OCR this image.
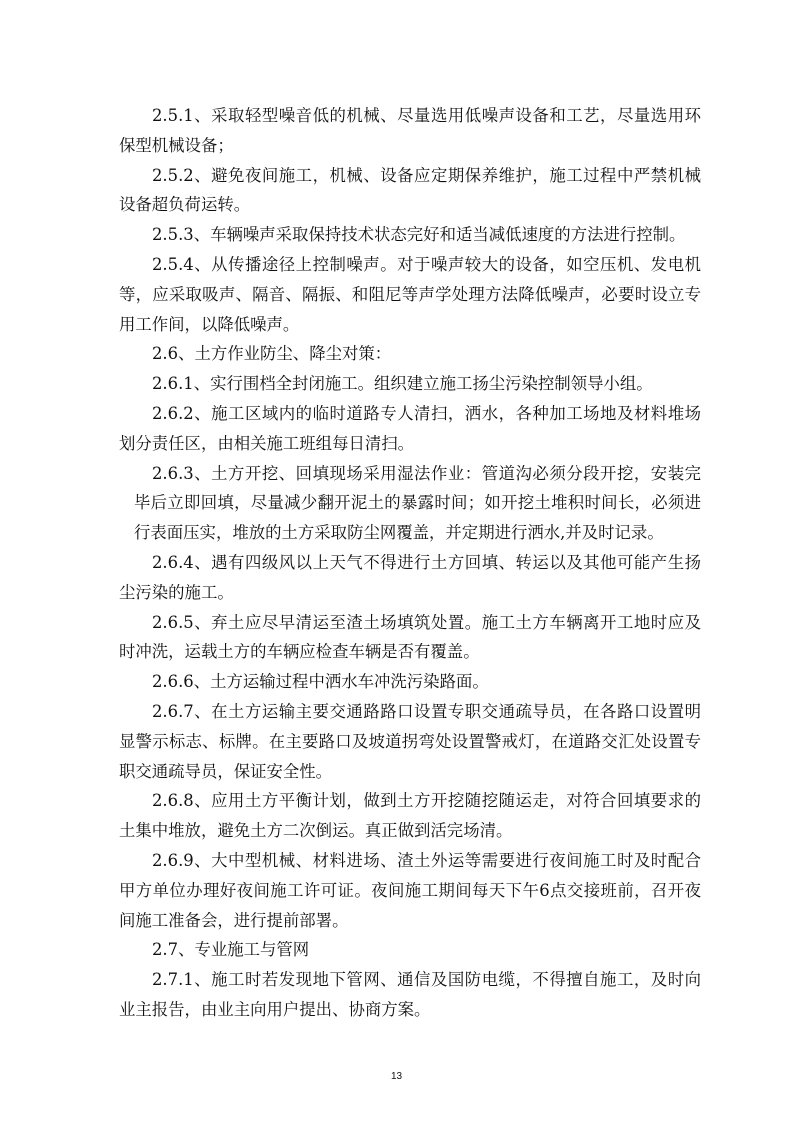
2.5.1、采取轻型噪音低的机械、尽量选用低噪声设备和工艺，尽量选用环
保型机械设备；
2.5.2、避免夜间施工，机械、设备应定期保养维护，施工过程中严禁机械
设备超负荷运转。
2.5.3、车辆噪声采取保持技术状态完好和适当减低速度的方法进行控制。
2.5.4、从传播途径上控制噪声。对于噪声较大的设备，如空压机、发电机
等，应采取吸声、隔音、隔振、和阻尼等声学处理方法降低噪声，必要时设立专
用工作间，以降低噪声。
2.6、土方作业防尘、降尘对策：
2.6.1、实行围档全封闭施工。组织建立施工扬尘污染控制领导小组。
2.6.2、施工区域内的临时道路专人清扫，洒水，各种加工场地及材料堆场
划分责任区，由相关施工班组每日清扫。
2.6.3、土方开挖、回填现场采用湿法作业：管道沟必须分段开挖，安装完
毕后立即回填，尽量减少翻开泥土的暴露时间；如开挖土堆积时间长，必须进
行表面压实，堆放的土方采取防尘网覆盖，并定期进行洒水,并及时记录。
2.6.4、遇有四级风以上天气不得进行土方回填、转运以及其他可能产生扬
尘污染的施工。
2.6.5、弃土应尽早清运至渣土场填筑处置。施工土方车辆离开工地时应及
时冲洗，运载土方的车辆应检查车辆是否有覆盖。
2.6.6、土方运输过程中洒水车冲洗污染路面。
2.6.7、在土方运输主要交通路路口设置专职交通疏导员，在各路口设置明
显警示标志、标牌。在主要路口及坡道拐弯处设置警戒灯，在道路交汇处设置专
职交通疏导员，保证安全性。
2.6.8、应用土方平衡计划，做到土方开挖随挖随运走，对符合回填要求的
土集中堆放，避免土方二次倒运。真正做到活完场清。
2.6.9、大中型机械、材料进场、渣土外运等需要进行夜间施工时及时配合
甲方单位办理好夜间施工许可证。夜间施工期间每天下午6点交接班前，召开夜
间施工准备会，进行提前部署。
2.7、专业施工与管网
2.7.1、施工时若发现地下管网、通信及国防电缆，不得擅自施工，及时向
业主报告，由业主向用户提出、协商方案。
13
